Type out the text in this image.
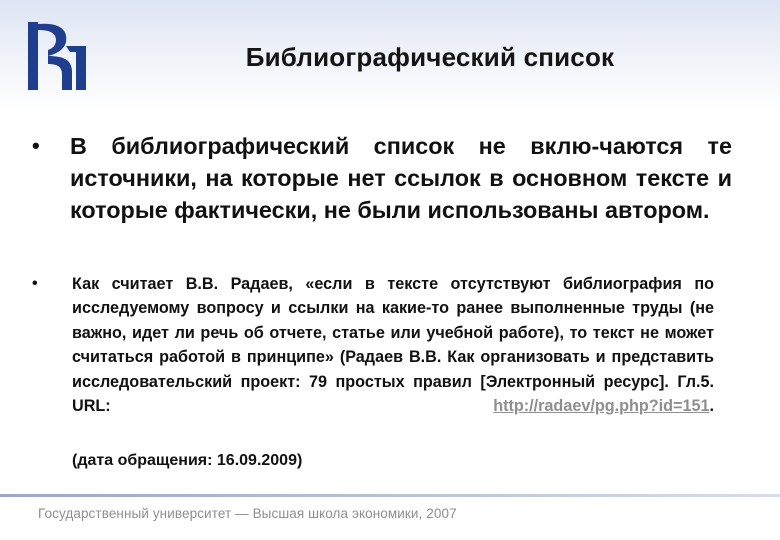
Библиографический список
• В библиографический список не вклю-чаются те источники, на которые нет ссылок в основном тексте и которые фактически, не были использованы автором.
• Как считает В.В. Радаев, «если в тексте отсутствуют библиография по исследуемому вопросу и ссылки на какие-то ранее выполненные труды (не важно, идет ли речь об отчете, статье или учебной работе), то текст не может считаться работой в принципе» (Радаев В.В. Как организовать и представить исследовательский проект: 79 простых правил [Электронный ресурс]. Гл.5. URL: http://radaev/pg.php?id=151.
(дата обращения: 16.09.2009)
Государственный университет — Высшая школа экономики, 2007
